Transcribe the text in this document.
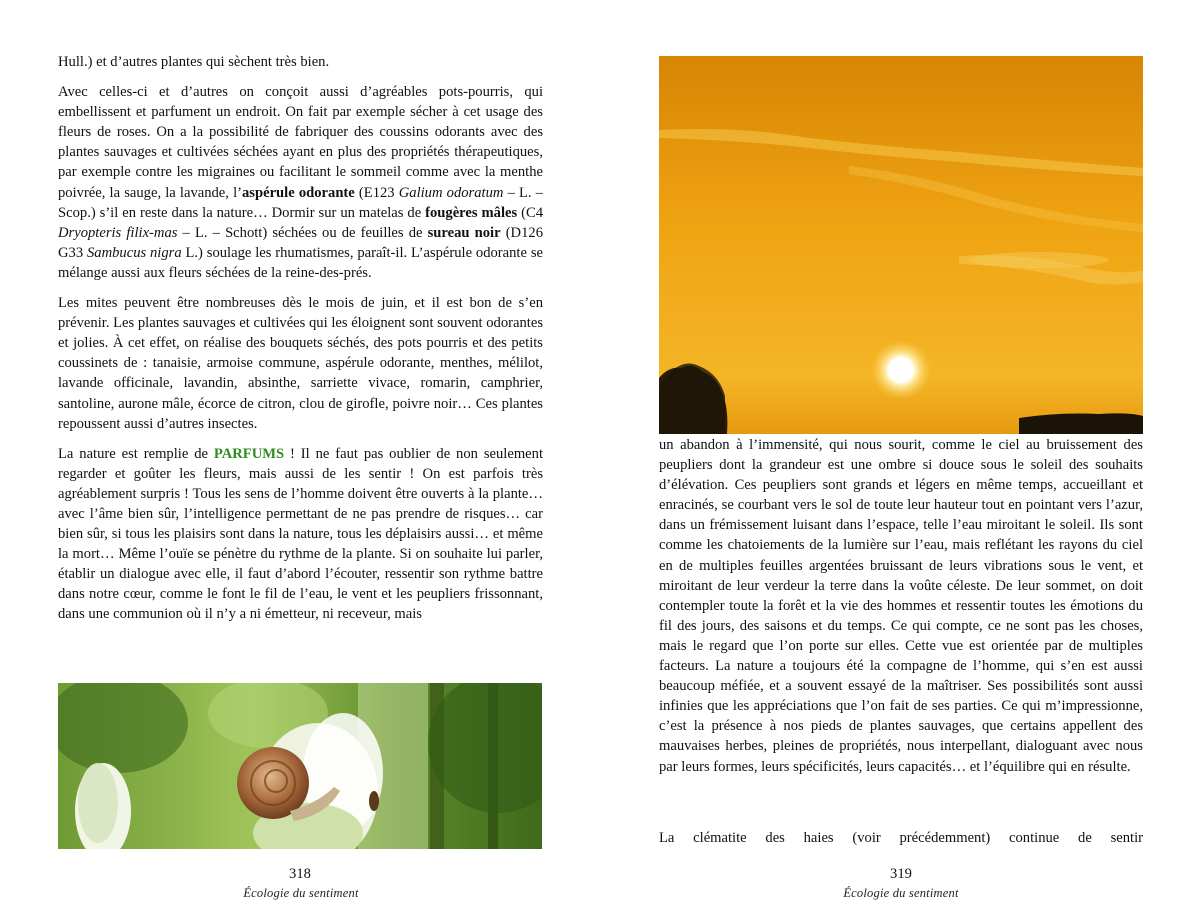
Hull.) et d’autres plantes qui sèchent très bien.

Avec celles-ci et d’autres on conçoit aussi d’agréables pots-pourris, qui embellissent et parfument un endroit. On fait par exemple sécher à cet usage des fleurs de roses. On a la possibilité de fabriquer des coussins odorants avec des plantes sauvages et cultivées séchées ayant en plus des propriétés thérapeutiques, par exemple contre les migraines ou facilitant le sommeil comme avec la menthe poivrée, la sauge, la lavande, l’aspérule odorante (E123 Galium odoratum – L. – Scop.) s’il en reste dans la nature… Dormir sur un matelas de fougères mâles (C4 Dryopteris filix-mas – L. – Schott) séchées ou de feuilles de sureau noir (D126 G33 Sambucus nigra L.) soulage les rhumatismes, paraît-il. L’aspérule odorante se mélange aussi aux fleurs séchées de la reine-des-prés.

Les mites peuvent être nombreuses dès le mois de juin, et il est bon de s’en prévenir. Les plantes sauvages et cultivées qui les éloignent sont souvent odorantes et jolies. À cet effet, on réalise des bouquets séchés, des pots pourris et des petits coussinets de : tanaisie, armoise commune, aspérule odorante, menthes, mélilot, lavande officinale, lavandin, absinthe, sarriette vivace, romarin, camphrier, santoline, aurone mâle, écorce de citron, clou de girofle, poivre noir… Ces plantes repoussent aussi d’autres insectes.

La nature est remplie de PARFUMS ! Il ne faut pas oublier de non seulement regarder et goûter les fleurs, mais aussi de les sentir ! On est parfois très agréablement surpris ! Tous les sens de l’homme doivent être ouverts à la plante… avec l’âme bien sûr, l’intelligence permettant de ne pas prendre de risques… car bien sûr, si tous les plaisirs sont dans la nature, tous les déplaisirs aussi… et même la mort… Même l’ouïe se pénètre du rythme de la plante. Si on souhaite lui parler, établir un dialogue avec elle, il faut d’abord l’écouter, ressentir son rythme battre dans notre cœur, comme le font le fil de l’eau, le vent et les peupliers frissonnant, dans une communion où il n’y a ni émetteur, ni receveur, mais

318
Écologie du sentiment

un abandon à l’immensité, qui nous sourit, comme le ciel au bruissement des peupliers dont la grandeur est une ombre si douce sous le soleil des souhaits d’élévation. Ces peupliers sont grands et légers en même temps, accueillant et enracinés, se courbant vers le sol de toute leur hauteur tout en pointant vers l’azur, dans un frémissement luisant dans l’espace, telle l’eau miroitant le soleil. Ils sont comme les chatoiements de la lumière sur l’eau, mais reflétant les rayons du ciel en de multiples feuilles argentées bruissant de leurs vibrations sous le vent, et miroitant de leur verdeur la terre dans la voûte céleste. De leur sommet, on doit contempler toute la forêt et la vie des hommes et ressentir toutes les émotions du fil des jours, des saisons et du temps. Ce qui compte, ce ne sont pas les choses, mais le regard que l’on porte sur elles. Cette vue est orientée par de multiples facteurs. La nature a toujours été la compagne de l’homme, qui s’en est aussi beaucoup méfiée, et a souvent essayé de la maîtriser. Ses possibilités sont aussi infinies que les appréciations que l’on fait de ses parties. Ce qui m’impressionne, c’est la présence à nos pieds de plantes sauvages, que certains appellent des mauvaises herbes, pleines de propriétés, nous interpellant, dialoguant avec nous par leurs formes, leurs spécificités, leurs capacités… et l’équilibre qui en résulte.

La clématite des haies (voir précédemment) continue de sentir

319
Écologie du sentiment
